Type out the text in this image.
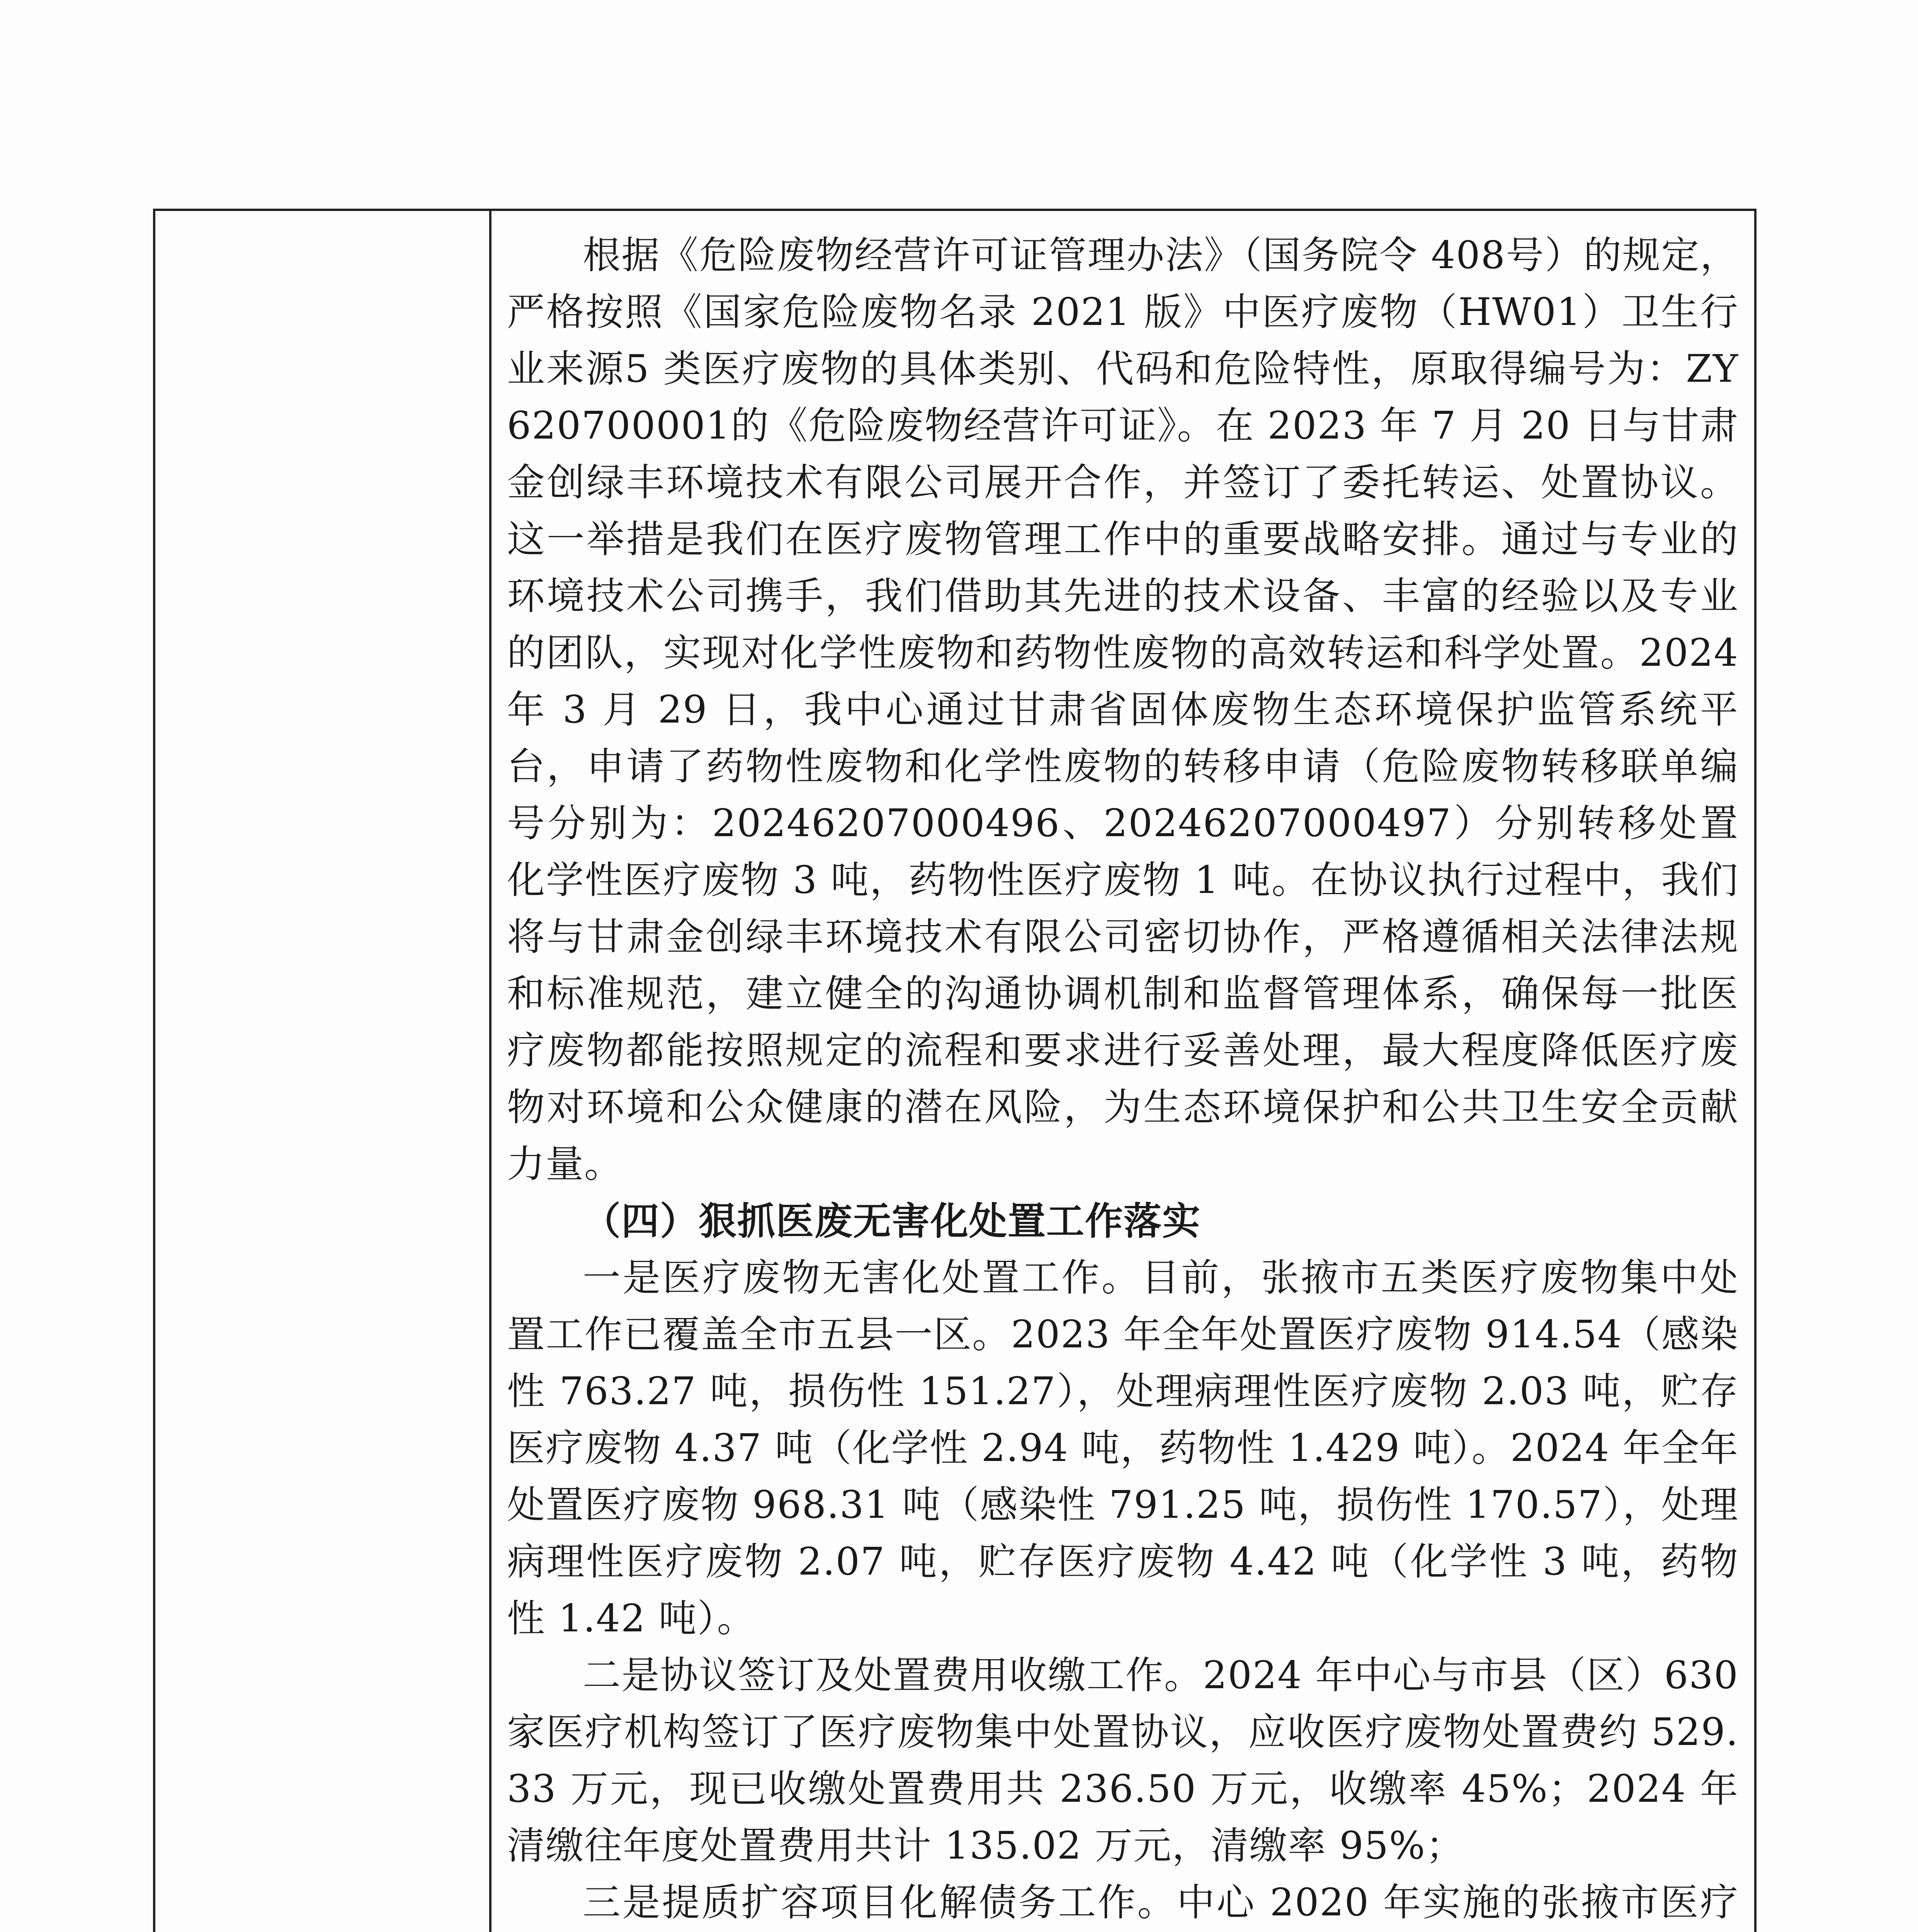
根据《危险废物经营许可证管理办法》（国务院令 408号）的规定，严格按照《国家危险废物名录 2021 版》中医疗废物（HW01）卫生行业来源5 类医疗废物的具体类别、代码和危险特性，原取得编号为：ZY620700001的《危险废物经营许可证》。在 2023 年 7 月 20 日与甘肃金创绿丰环境技术有限公司展开合作，并签订了委托转运、处置协议。这一举措是我们在医疗废物管理工作中的重要战略安排。通过与专业的环境技术公司携手，我们借助其先进的技术设备、丰富的经验以及专业的团队，实现对化学性废物和药物性废物的高效转运和科学处置。2024 年 3 月 29 日，我中心通过甘肃省固体废物生态环境保护监管系统平台，申请了药物性废物和化学性废物的转移申请（危险废物转移联单编号分别为：20246207000496、20246207000497）分别转移处置化学性医疗废物 3 吨，药物性医疗废物 1 吨。在协议执行过程中，我们将与甘肃金创绿丰环境技术有限公司密切协作，严格遵循相关法律法规和标准规范，建立健全的沟通协调机制和监督管理体系，确保每一批医疗废物都能按照规定的流程和要求进行妥善处理，最大程度降低医疗废物对环境和公众健康的潜在风险，为生态环境保护和公共卫生安全贡献力量。

（四）狠抓医废无害化处置工作落实

一是医疗废物无害化处置工作。目前，张掖市五类医疗废物集中处置工作已覆盖全市五县一区。2023 年全年处置医疗废物 914.54（感染性 763.27 吨，损伤性 151.27），处理病理性医疗废物 2.03 吨，贮存医疗废物 4.37 吨（化学性 2.94 吨，药物性 1.429 吨）。2024 年全年处置医疗废物 968.31 吨（感染性 791.25 吨，损伤性 170.57），处理病理性医疗废物 2.07 吨，贮存医疗废物 4.42 吨（化学性 3 吨，药物性 1.42 吨）。

二是协议签订及处置费用收缴工作。2024 年中心与市县（区）630 家医疗机构签订了医疗废物集中处置协议，应收医疗废物处置费约 529.33 万元，现已收缴处置费用共 236.50 万元，收缴率 45%；2024 年清缴往年度处置费用共计 135.02 万元，清缴率 95%；

三是提质扩容项目化解债务工作。中心 2020 年实施的张掖市医疗
